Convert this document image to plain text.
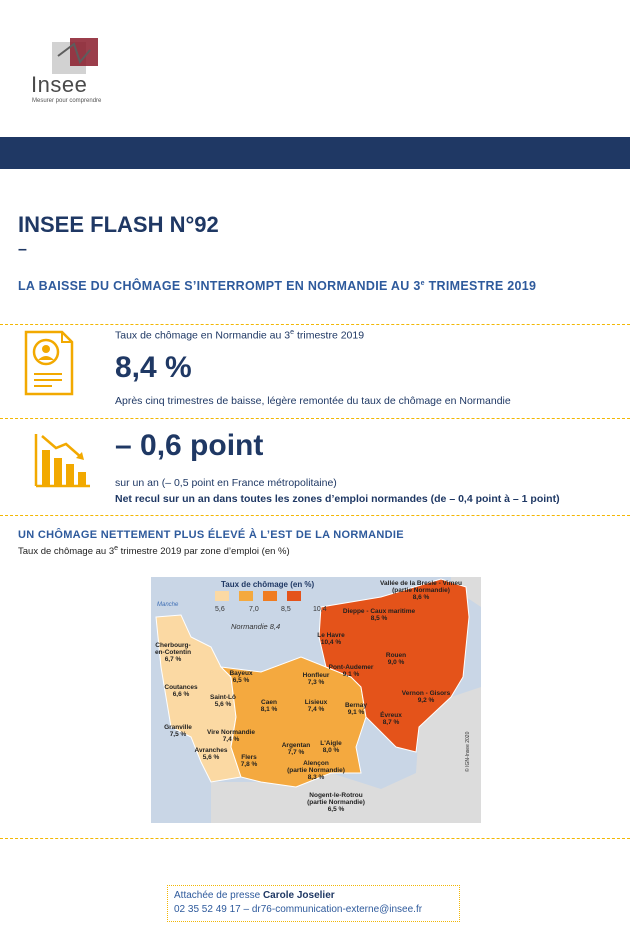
Insee
Mesurer pour comprendre
INSEE FLASH N°92
–
LA BAISSE DU CHÔMAGE S’INTERROMPT EN NORMANDIE AU 3e TRIMESTRE 2019
Taux de chômage en Normandie au 3e trimestre 2019
8,4 %
Après cinq trimestres de baisse, légère remontée du taux de chômage en Normandie
– 0,6 point
sur un an (– 0,5 point en France métropolitaine)
Net recul sur un an dans toutes les zones d’emploi normandes (de – 0,4 point à – 1 point)
UN CHÔMAGE NETTEMENT PLUS ÉLEVÉ À L’EST DE LA NORMANDIE
Taux de chômage au 3e trimestre 2019 par zone d’emploi (en %)
Taux de chômage (en %)
5,6	7,0	8,5	10,4
Manche
Normandie 8,4
© IGN-Insee 2020
Cherbourg-en-Cotentin 6,7 %
Bayeux 6,5 %
Coutances 6,6 %	Saint-Lô 5,6 %	Caen 8,1 %
Granville 7,5 %	Vire Normandie 7,4 %
Avranches 5,6 %	Flers 7,8 %
Argentan 7,7 %
L'Aigle 8,0 %
Alençon (partie Normandie) 8,3 %
Nogent-le-Rotrou (partie Normandie) 6,5 %
Lisieux 7,4 %
Honfleur 7,3 %
Pont-Audemer 9,1 %
Bernay 9,1 %	Évreux 8,7 %
Vernon - Gisors 9,2 %
Rouen 9,0 %
Le Havre 10,4 %
Dieppe - Caux maritime 8,5 %
Vallée de la Bresle - Vimeu (partie Normandie) 8,6 %
Attachée de presse Carole Joselier
02 35 52 49 17 – dr76-communication-externe@insee.fr
